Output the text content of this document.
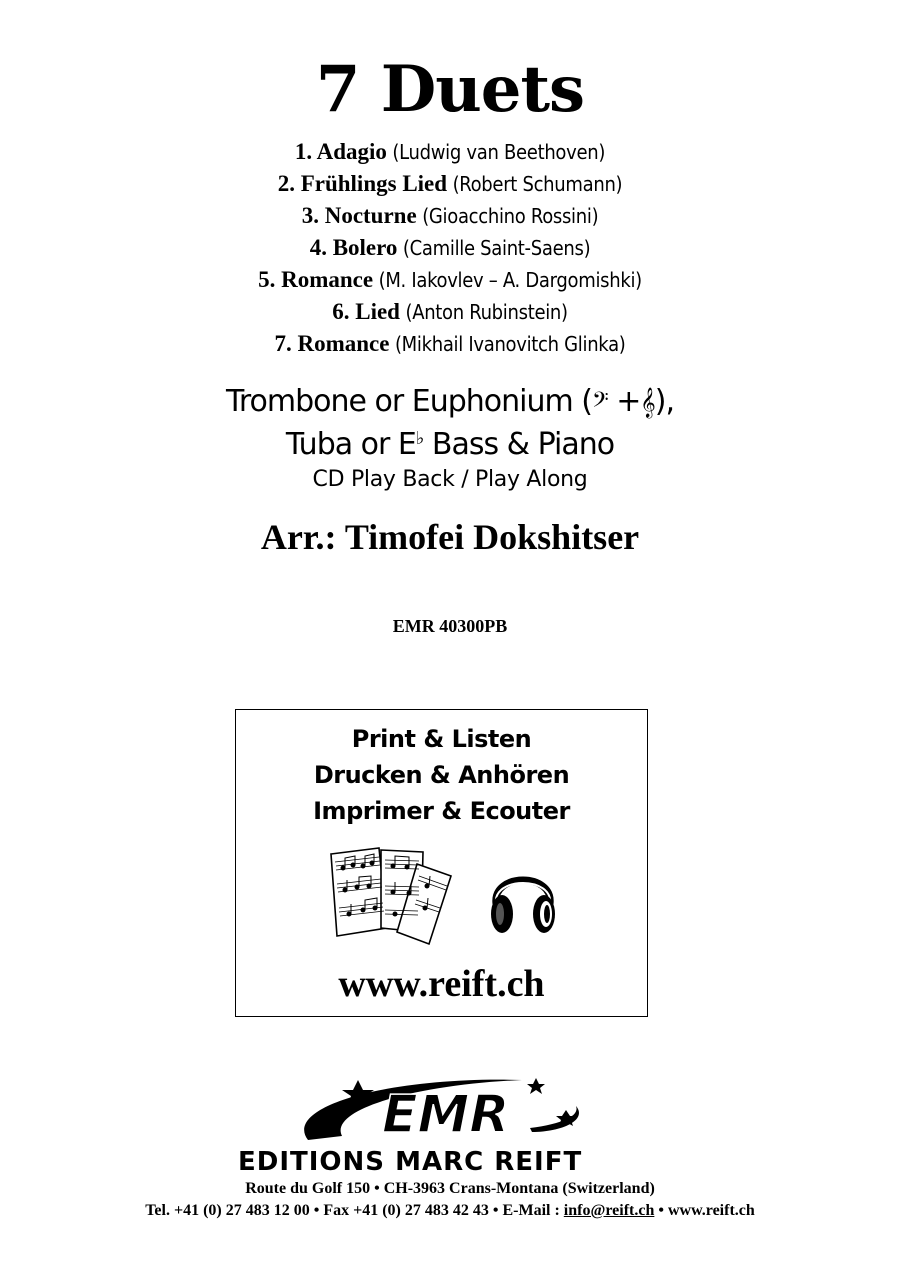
7 Duets
1. Adagio (Ludwig van Beethoven)
2. Frühlings Lied (Robert Schumann)
3. Nocturne (Gioacchino Rossini)
4. Bolero (Camille Saint-Saens)
5. Romance (M. Iakovlev – A. Dargomishki)
6. Lied (Anton Rubinstein)
7. Romance (Mikhail Ivanovitch Glinka)
Trombone or Euphonium (𝄢 +𝄞),
Tuba or E♭ Bass & Piano
CD Play Back / Play Along
Arr.: Timofei Dokshitser
EMR 40300PB
Print & Listen
Drucken & Anhören
Imprimer & Ecouter
www.reift.ch
EMR
EDITIONS MARC REIFT
Route du Golf 150 • CH-3963 Crans-Montana (Switzerland)
Tel. +41 (0) 27 483 12 00 • Fax +41 (0) 27 483 42 43 • E-Mail : info@reift.ch • www.reift.ch
